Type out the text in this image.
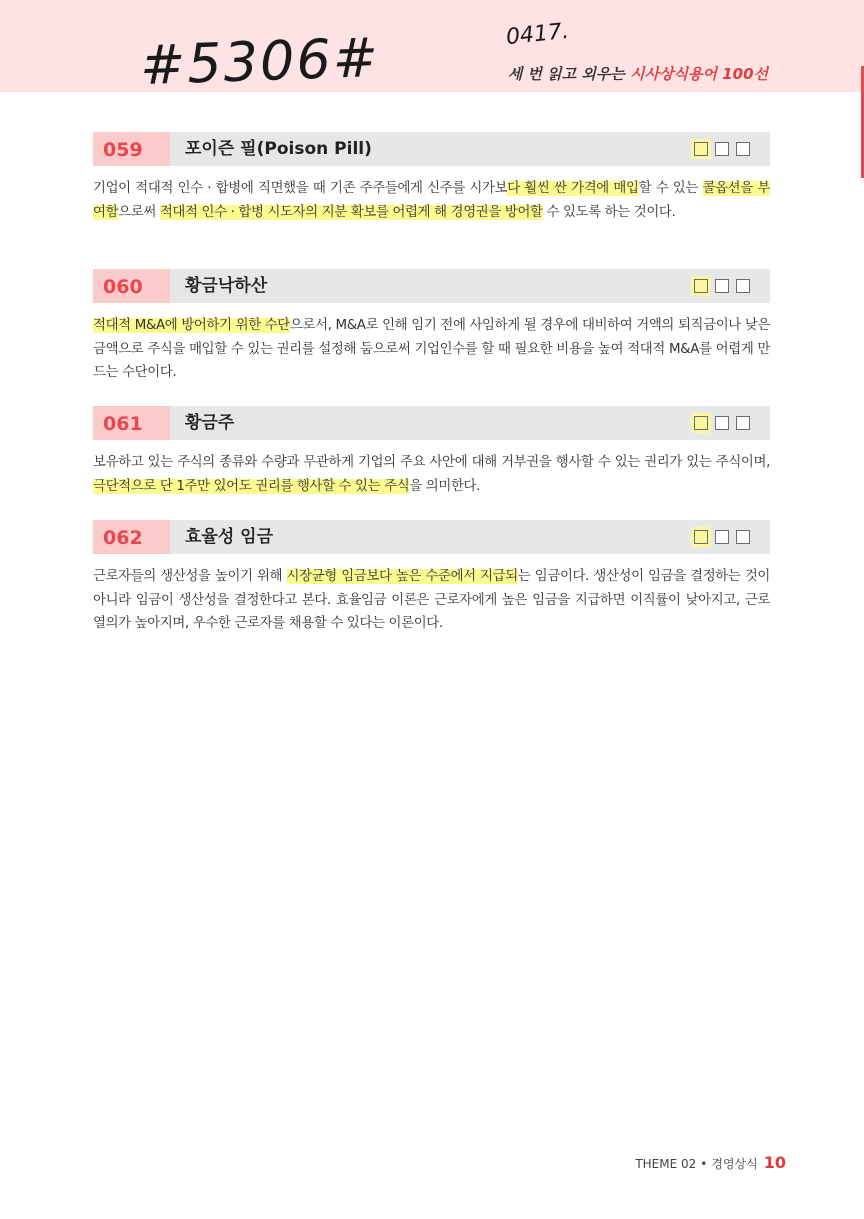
#5306#	0417.
세 번 읽고 외우는 시사상식용어 100선
059	포이즌 필(Poison Pill)
기업이 적대적 인수 · 합병에 직면했을 때 기존 주주들에게 신주를 시가보다 훨씬 싼 가격에 매입할 수 있는 콜옵션을 부여함으로써 적대적 인수 · 합병 시도자의 지분 확보를 어렵게 해 경영권을 방어할 수 있도록 하는 것이다.
060	황금낙하산
적대적 M&A에 방어하기 위한 수단으로서, M&A로 인해 임기 전에 사임하게 될 경우에 대비하여 거액의 퇴직금이나 낮은 금액으로 주식을 매입할 수 있는 권리를 설정해 둠으로써 기업인수를 할 때 필요한 비용을 높여 적대적 M&A를 어렵게 만드는 수단이다.
061	황금주
보유하고 있는 주식의 종류와 수량과 무관하게 기업의 주요 사안에 대해 거부권을 행사할 수 있는 권리가 있는 주식이며, 극단적으로 단 1주만 있어도 권리를 행사할 수 있는 주식을 의미한다.
062	효율성 임금
근로자들의 생산성을 높이기 위해 시장균형 임금보다 높은 수준에서 지급되는 임금이다. 생산성이 임금을 결정하는 것이 아니라 임금이 생산성을 결정한다고 본다. 효율임금 이론은 근로자에게 높은 임금을 지급하면 이직률이 낮아지고, 근로 열의가 높아지며, 우수한 근로자를 채용할 수 있다는 이론이다.
THEME 02 • 경영상식 10
